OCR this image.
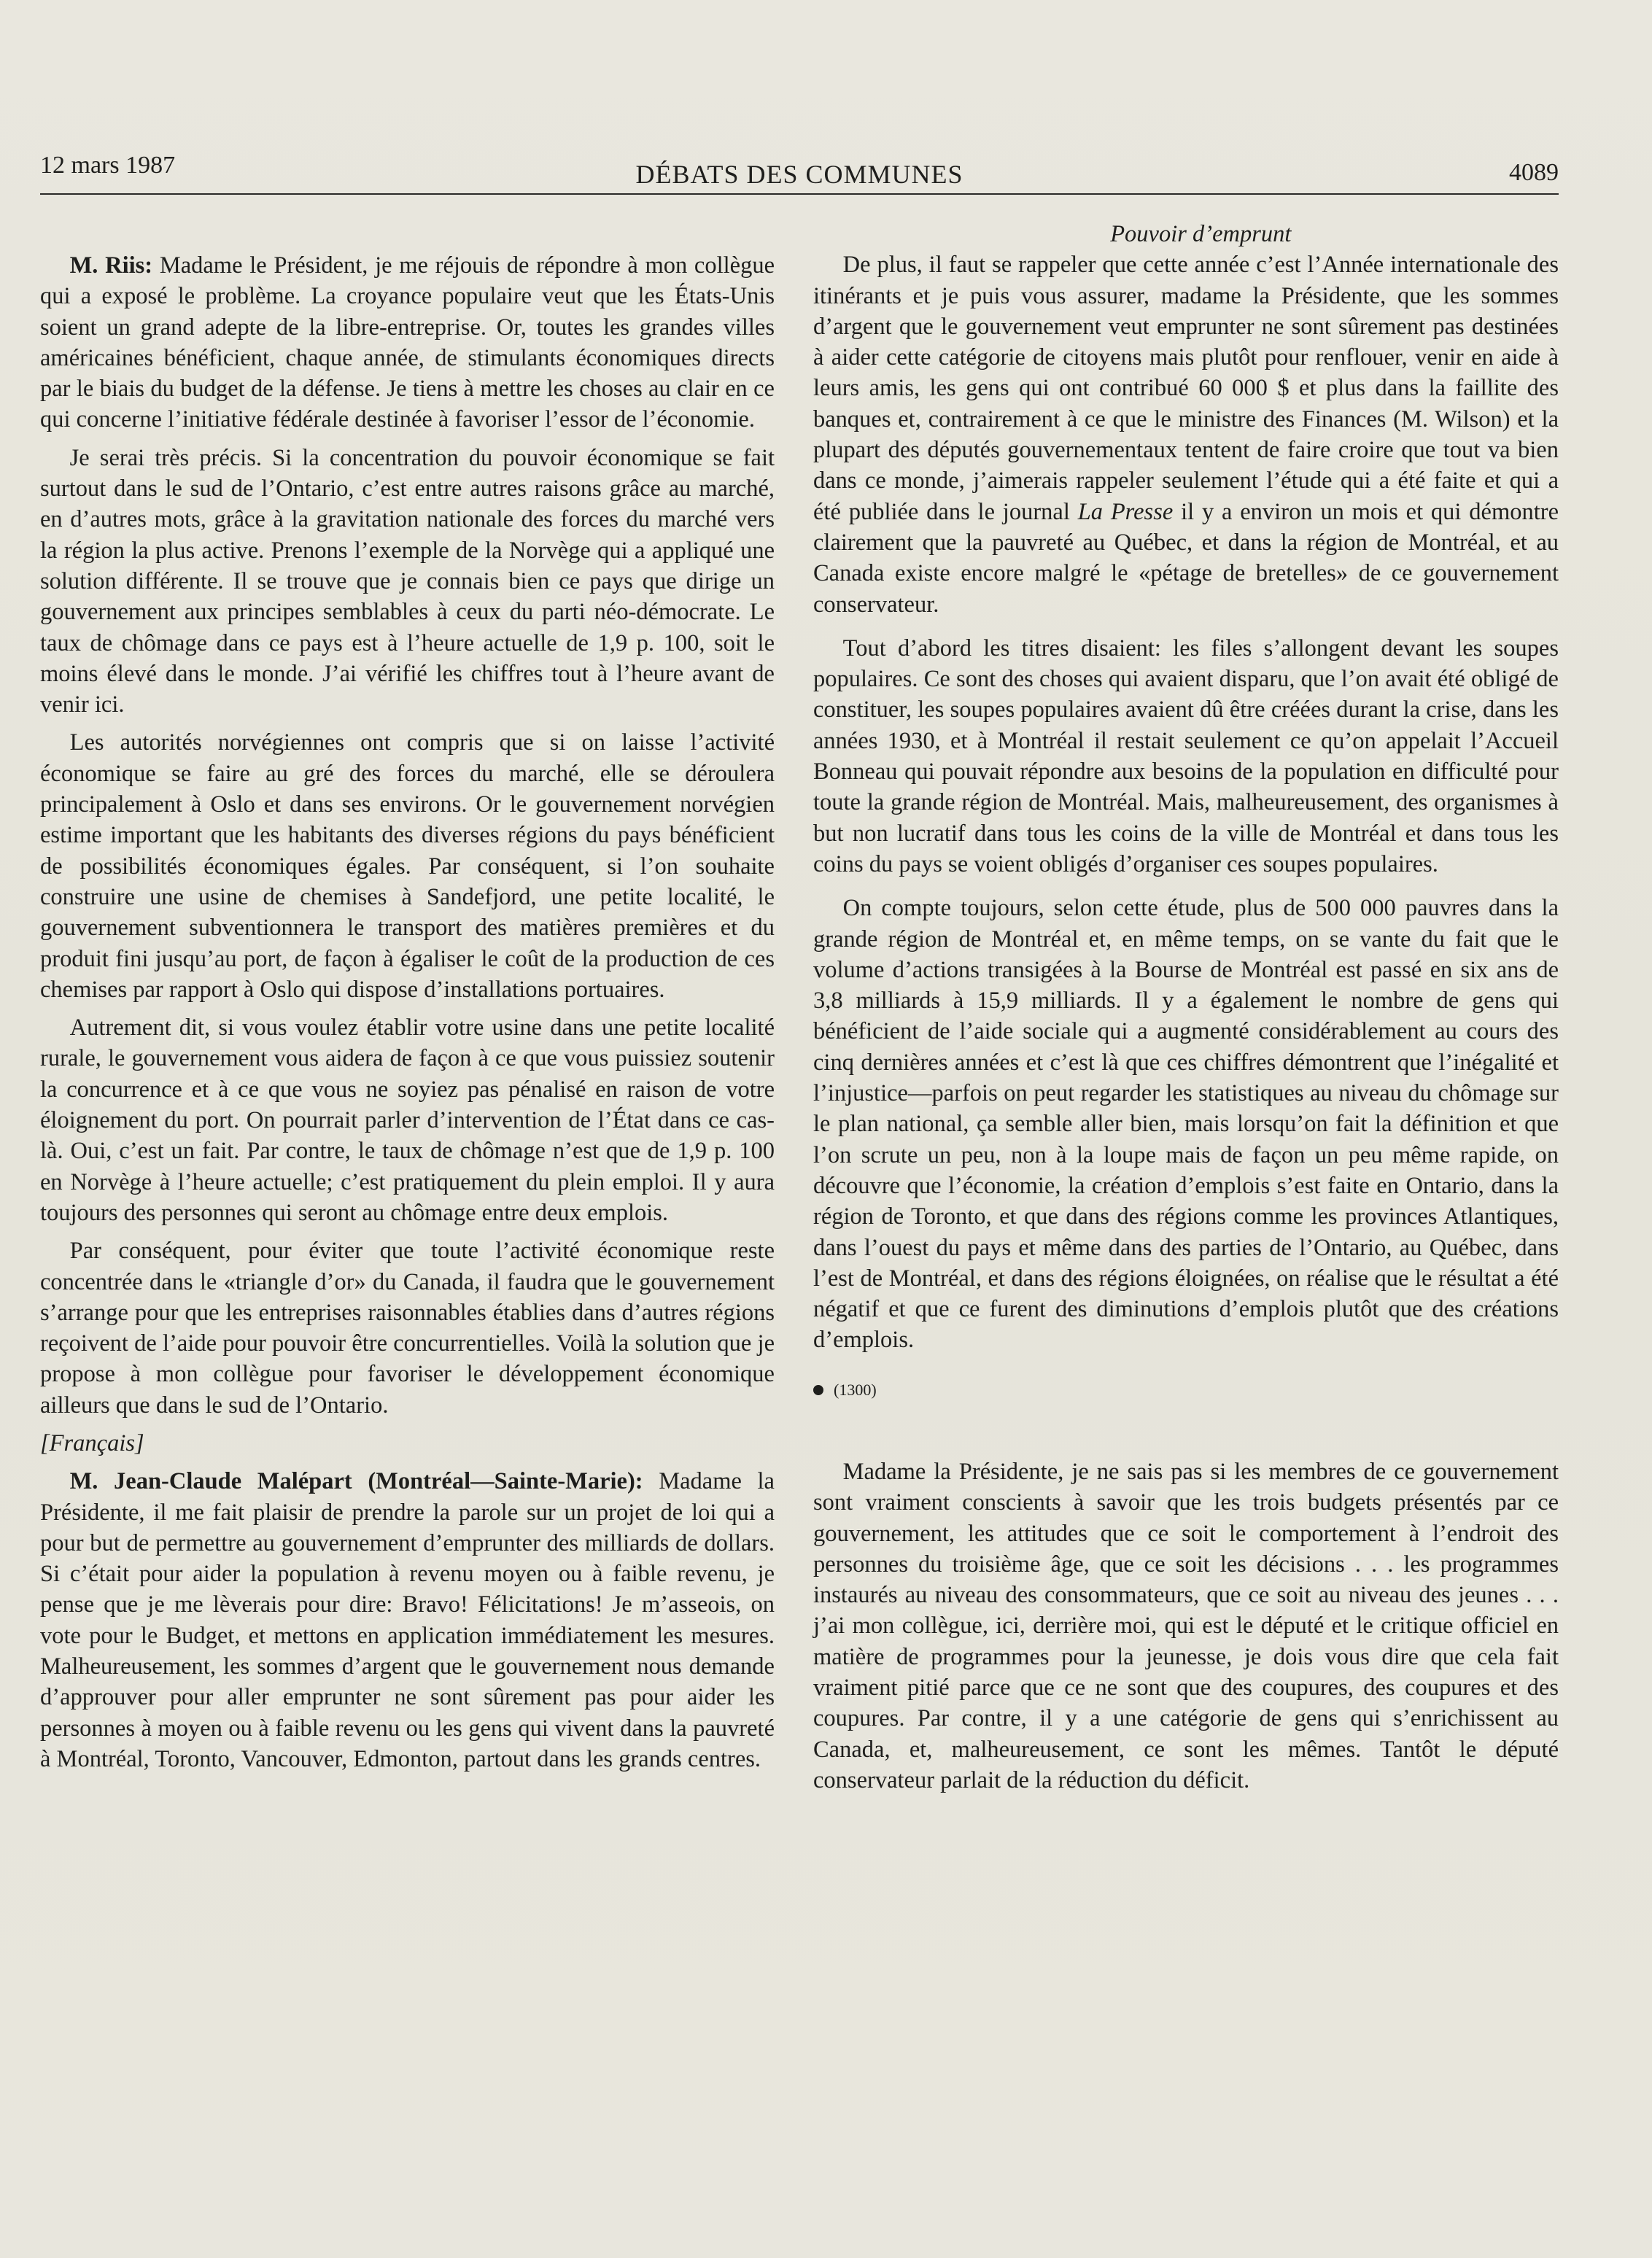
12 mars 1987	DÉBATS DES COMMUNES	4089

M. Riis: Madame le Président, je me réjouis de répondre à mon collègue qui a exposé le problème. La croyance populaire veut que les États-Unis soient un grand adepte de la libre-entreprise. Or, toutes les grandes villes américaines bénéficient, chaque année, de stimulants économiques directs par le biais du budget de la défense. Je tiens à mettre les choses au clair en ce qui concerne l’initiative fédérale destinée à favoriser l’essor de l’économie.

Je serai très précis. Si la concentration du pouvoir économique se fait surtout dans le sud de l’Ontario, c’est entre autres raisons grâce au marché, en d’autres mots, grâce à la gravitation nationale des forces du marché vers la région la plus active. Prenons l’exemple de la Norvège qui a appliqué une solution différente. Il se trouve que je connais bien ce pays que dirige un gouvernement aux principes semblables à ceux du parti néo-démocrate. Le taux de chômage dans ce pays est à l’heure actuelle de 1,9 p. 100, soit le moins élevé dans le monde. J’ai vérifié les chiffres tout à l’heure avant de venir ici.

Les autorités norvégiennes ont compris que si on laisse l’activité économique se faire au gré des forces du marché, elle se déroulera principalement à Oslo et dans ses environs. Or le gouvernement norvégien estime important que les habitants des diverses régions du pays bénéficient de possibilités économiques égales. Par conséquent, si l’on souhaite construire une usine de chemises à Sandefjord, une petite localité, le gouvernement subventionnera le transport des matières premières et du produit fini jusqu’au port, de façon à égaliser le coût de la production de ces chemises par rapport à Oslo qui dispose d’installations portuaires.

Autrement dit, si vous voulez établir votre usine dans une petite localité rurale, le gouvernement vous aidera de façon à ce que vous puissiez soutenir la concurrence et à ce que vous ne soyiez pas pénalisé en raison de votre éloignement du port. On pourrait parler d’intervention de l’État dans ce cas-là. Oui, c’est un fait. Par contre, le taux de chômage n’est que de 1,9 p. 100 en Norvège à l’heure actuelle; c’est pratiquement du plein emploi. Il y aura toujours des personnes qui seront au chômage entre deux emplois.

Par conséquent, pour éviter que toute l’activité économique reste concentrée dans le «triangle d’or» du Canada, il faudra que le gouvernement s’arrange pour que les entreprises raisonnables établies dans d’autres régions reçoivent de l’aide pour pouvoir être concurrentielles. Voilà la solution que je propose à mon collègue pour favoriser le développement économique ailleurs que dans le sud de l’Ontario.

[Français]

M. Jean-Claude Malépart (Montréal—Sainte-Marie): Madame la Présidente, il me fait plaisir de prendre la parole sur un projet de loi qui a pour but de permettre au gouvernement d’emprunter des milliards de dollars. Si c’était pour aider la population à revenu moyen ou à faible revenu, je pense que je me lèverais pour dire: Bravo! Félicitations! Je m’asseois, on vote pour le Budget, et mettons en application immédiatement les mesures. Malheureusement, les sommes d’argent que le gouvernement nous demande d’approuver pour aller emprunter ne sont sûrement pas pour aider les personnes à moyen ou à faible revenu ou les gens qui vivent dans la pauvreté à Montréal, Toronto, Vancouver, Edmonton, partout dans les grands centres.

Pouvoir d’emprunt

De plus, il faut se rappeler que cette année c’est l’Année internationale des itinérants et je puis vous assurer, madame la Présidente, que les sommes d’argent que le gouvernement veut emprunter ne sont sûrement pas destinées à aider cette catégorie de citoyens mais plutôt pour renflouer, venir en aide à leurs amis, les gens qui ont contribué 60 000 $ et plus dans la faillite des banques et, contrairement à ce que le ministre des Finances (M. Wilson) et la plupart des députés gouvernementaux tentent de faire croire que tout va bien dans ce monde, j’aimerais rappeler seulement l’étude qui a été faite et qui a été publiée dans le journal La Presse il y a environ un mois et qui démontre clairement que la pauvreté au Québec, et dans la région de Montréal, et au Canada existe encore malgré le «pétage de bretelles» de ce gouvernement conservateur.

Tout d’abord les titres disaient: les files s’allongent devant les soupes populaires. Ce sont des choses qui avaient disparu, que l’on avait été obligé de constituer, les soupes populaires avaient dû être créées durant la crise, dans les années 1930, et à Montréal il restait seulement ce qu’on appelait l’Accueil Bonneau qui pouvait répondre aux besoins de la population en difficulté pour toute la grande région de Montréal. Mais, malheureusement, des organismes à but non lucratif dans tous les coins de la ville de Montréal et dans tous les coins du pays se voient obligés d’organiser ces soupes populaires.

On compte toujours, selon cette étude, plus de 500 000 pauvres dans la grande région de Montréal et, en même temps, on se vante du fait que le volume d’actions transigées à la Bourse de Montréal est passé en six ans de 3,8 milliards à 15,9 milliards. Il y a également le nombre de gens qui bénéficient de l’aide sociale qui a augmenté considérablement au cours des cinq dernières années et c’est là que ces chiffres démontrent que l’inégalité et l’injustice—parfois on peut regarder les statistiques au niveau du chômage sur le plan national, ça semble aller bien, mais lorsqu’on fait la définition et que l’on scrute un peu, non à la loupe mais de façon un peu même rapide, on découvre que l’économie, la création d’emplois s’est faite en Ontario, dans la région de Toronto, et que dans des régions comme les provinces Atlantiques, dans l’ouest du pays et même dans des parties de l’Ontario, au Québec, dans l’est de Montréal, et dans des régions éloignées, on réalise que le résultat a été négatif et que ce furent des diminutions d’emplois plutôt que des créations d’emplois.

(1300)

Madame la Présidente, je ne sais pas si les membres de ce gouvernement sont vraiment conscients à savoir que les trois budgets présentés par ce gouvernement, les attitudes que ce soit le comportement à l’endroit des personnes du troisième âge, que ce soit les décisions . . . les programmes instaurés au niveau des consommateurs, que ce soit au niveau des jeunes . . . j’ai mon collègue, ici, derrière moi, qui est le député et le critique officiel en matière de programmes pour la jeunesse, je dois vous dire que cela fait vraiment pitié parce que ce ne sont que des coupures, des coupures et des coupures. Par contre, il y a une catégorie de gens qui s’enrichissent au Canada, et, malheureusement, ce sont les mêmes. Tantôt le député conservateur parlait de la réduction du déficit.
